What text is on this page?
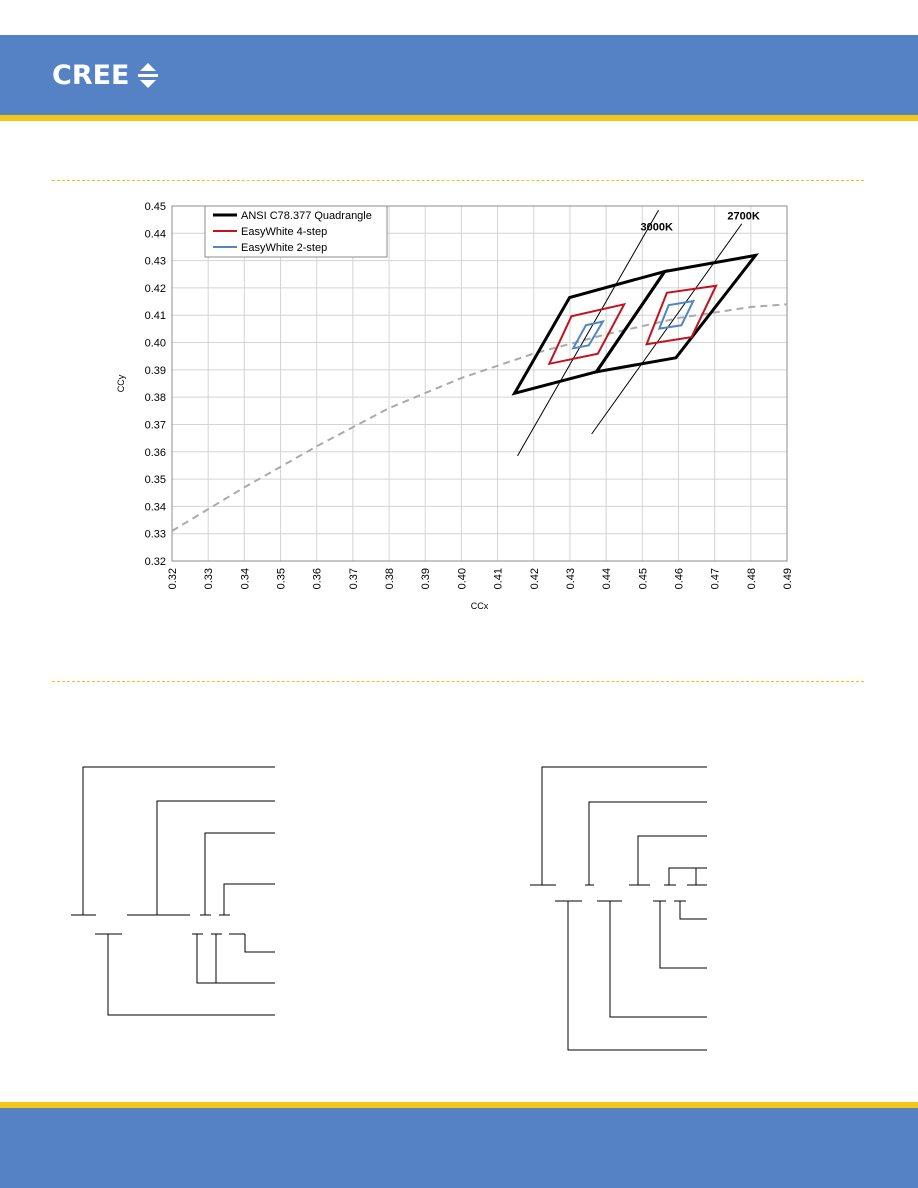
CREE
0.32
0.33
0.34
0.35
0.36
0.37
0.38
0.39
0.40
0.41
0.42
0.43
0.44
0.45
0.32 0.33 0.34 0.35 0.36 0.37 0.38 0.39 0.40 0.41 0.42 0.43 0.44 0.45 0.46 0.47 0.48 0.49
CCx
CCy
3000K
2700K
ANSI C78.377 Quadrangle
EasyWhite 4-step
EasyWhite 2-step
